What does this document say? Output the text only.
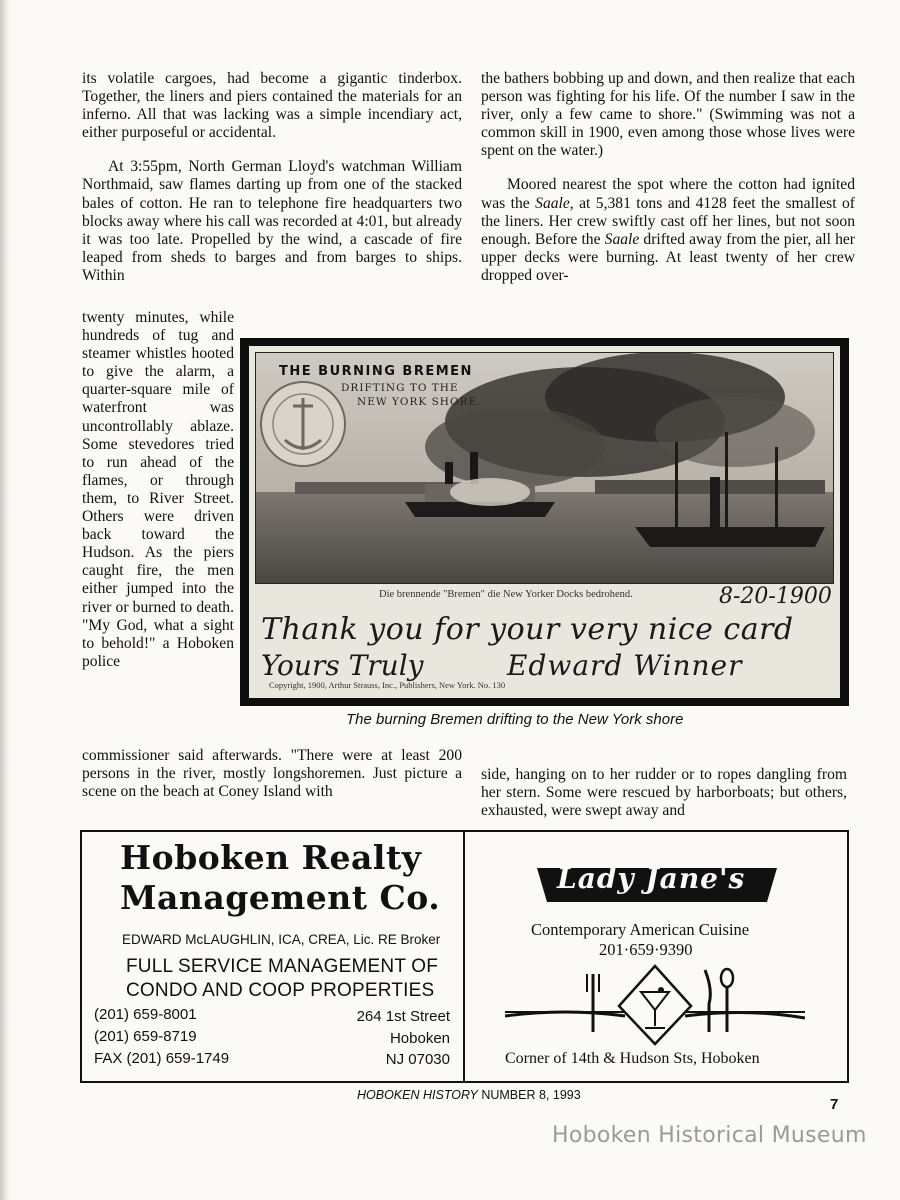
its volatile cargoes, had become a gigantic tinderbox. Together, the liners and piers contained the materials for an inferno. All that was lacking was a simple incendiary act, either purposeful or accidental.

At 3:55pm, North German Lloyd's watchman William Northmaid, saw flames darting up from one of the stacked bales of cotton. He ran to telephone fire headquarters two blocks away where his call was recorded at 4:01, but already it was too late. Propelled by the wind, a cascade of fire leaped from sheds to barges and from barges to ships. Within

twenty minutes, while hundreds of tug and steamer whistles hooted to give the alarm, a quarter-square mile of waterfront was uncontrollably ablaze. Some stevedores tried to run ahead of the flames, or through them, to River Street. Others were driven back toward the Hudson. As the piers caught fire, the men either jumped into the river or burned to death. "My God, what a sight to behold!" a Hoboken police

commissioner said afterwards. "There were at least 200 persons in the river, mostly longshoremen. Just picture a scene on the beach at Coney Island with

the bathers bobbing up and down, and then realize that each person was fighting for his life. Of the number I saw in the river, only a few came to shore." (Swimming was not a common skill in 1900, even among those whose lives were spent on the water.)

Moored nearest the spot where the cotton had ignited was the Saale, at 5,381 tons and 4128 feet the smallest of the liners. Her crew swiftly cast off her lines, but not soon enough. Before the Saale drifted away from the pier, all her upper decks were burning. At least twenty of her crew dropped over-

side, hanging on to her rudder or to ropes dangling from her stern. Some were rescued by harborboats; but others, exhausted, were swept away and

THE BURNING BREMEN
DRIFTING TO THE
NEW YORK SHORE.
Die brennende "Bremen" die New Yorker Docks bedrohend.	8-20-1900
Thank you for your very nice card
Yours Truly	Edward Winner
Copyright, 1900, Arthur Strauss, Inc., Publishers, New York. No. 130
The burning Bremen drifting to the New York shore
Hoboken Realty
Management Co.
EDWARD McLAUGHLIN, ICA, CREA, Lic. RE Broker
FULL SERVICE MANAGEMENT OF
CONDO AND COOP PROPERTIES
(201) 659-8001
(201) 659-8719
FAX (201) 659-1749
264 1st Street
Hoboken
NJ 07030
Lady Jane's
Contemporary American Cuisine
201·659·9390
Corner of 14th & Hudson Sts, Hoboken
HOBOKEN HISTORY NUMBER 8, 1993
7
Hoboken Historical Museum
